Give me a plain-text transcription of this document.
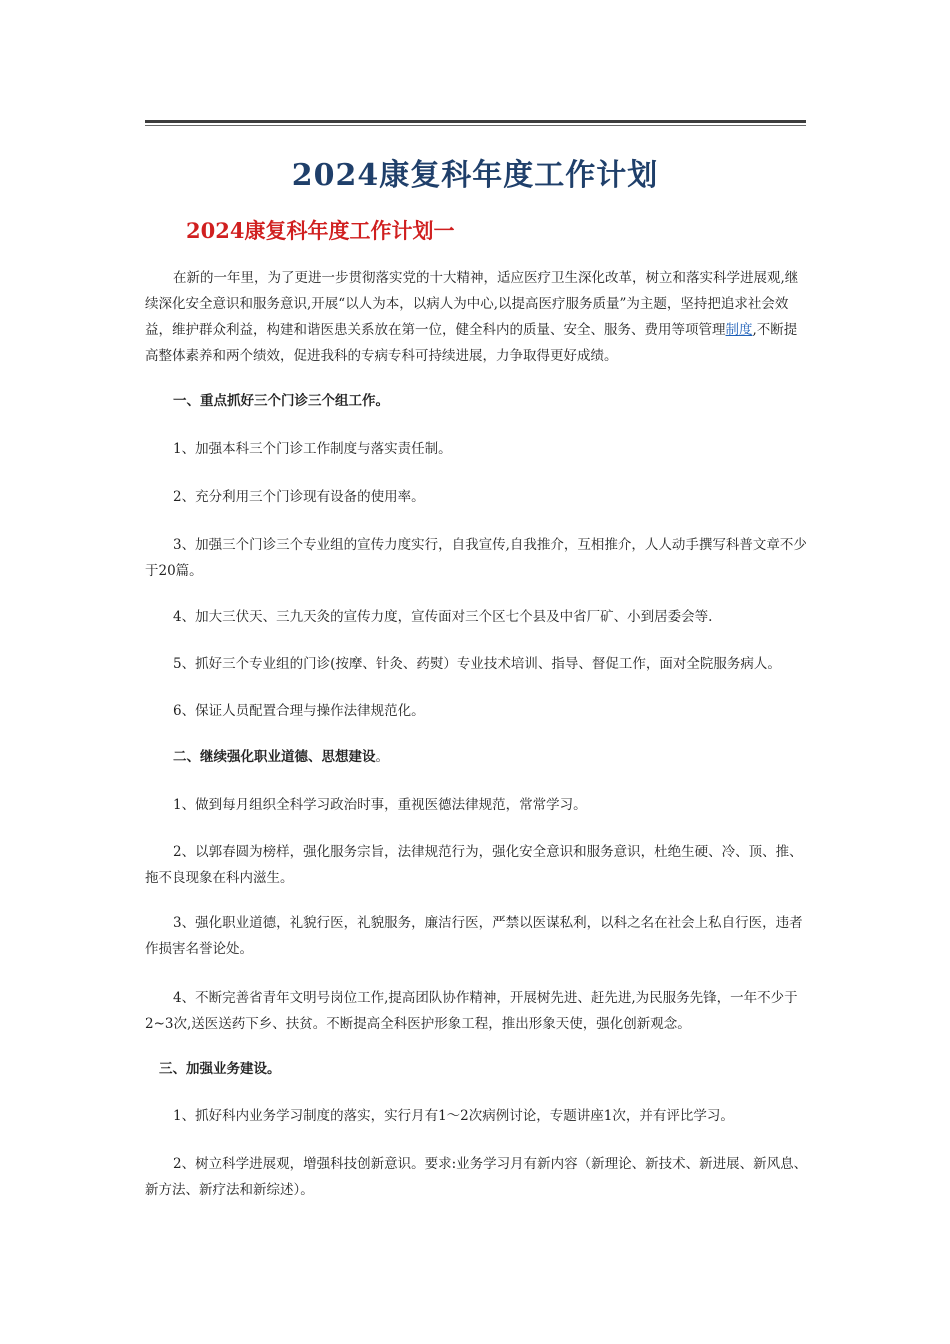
2024康复科年度工作计划
2024康复科年度工作计划一

在新的一年里，为了更进一步贯彻落实党的十大精神，适应医疗卫生深化改革，树立和落实科学进展观,继续深化安全意识和服务意识,开展“以人为本，以病人为中心,以提高医疗服务质量”为主题，坚持把追求社会效益，维护群众利益，构建和谐医患关系放在第一位，健全科内的质量、安全、服务、费用等项管理制度,不断提高整体素养和两个绩效，促进我科的专病专科可持续进展，力争取得更好成绩。

一、重点抓好三个门诊三个组工作。

1、加强本科三个门诊工作制度与落实责任制。

2、充分利用三个门诊现有设备的使用率。

3、加强三个门诊三个专业组的宣传力度实行，自我宣传,自我推介，互相推介，人人动手撰写科普文章不少于20篇。

4、加大三伏天、三九天灸的宣传力度，宣传面对三个区七个县及中省厂矿、小到居委会等.

5、抓好三个专业组的门诊(按摩、针灸、药熨）专业技术培训、指导、督促工作，面对全院服务病人。

6、保证人员配置合理与操作法律规范化。

二、继续强化职业道德、思想建设。

1、做到每月组织全科学习政治时事，重视医德法律规范，常常学习。

2、以郭春圆为榜样，强化服务宗旨，法律规范行为，强化安全意识和服务意识，杜绝生硬、冷、顶、推、拖不良现象在科内滋生。

3、强化职业道德，礼貌行医，礼貌服务，廉洁行医，严禁以医谋私利，以科之名在社会上私自行医，违者作损害名誉论处。

4、不断完善省青年文明号岗位工作,提高团队协作精神，开展树先进、赶先进,为民服务先锋，一年不少于2~3次,送医送药下乡、扶贫。不断提高全科医护形象工程，推出形象天使，强化创新观念。

三、加强业务建设。

1、抓好科内业务学习制度的落实，实行月有1～2次病例讨论，专题讲座1次，并有评比学习。

2、树立科学进展观，增强科技创新意识。要求:业务学习月有新内容（新理论、新技术、新进展、新风息、新方法、新疗法和新综述）。
